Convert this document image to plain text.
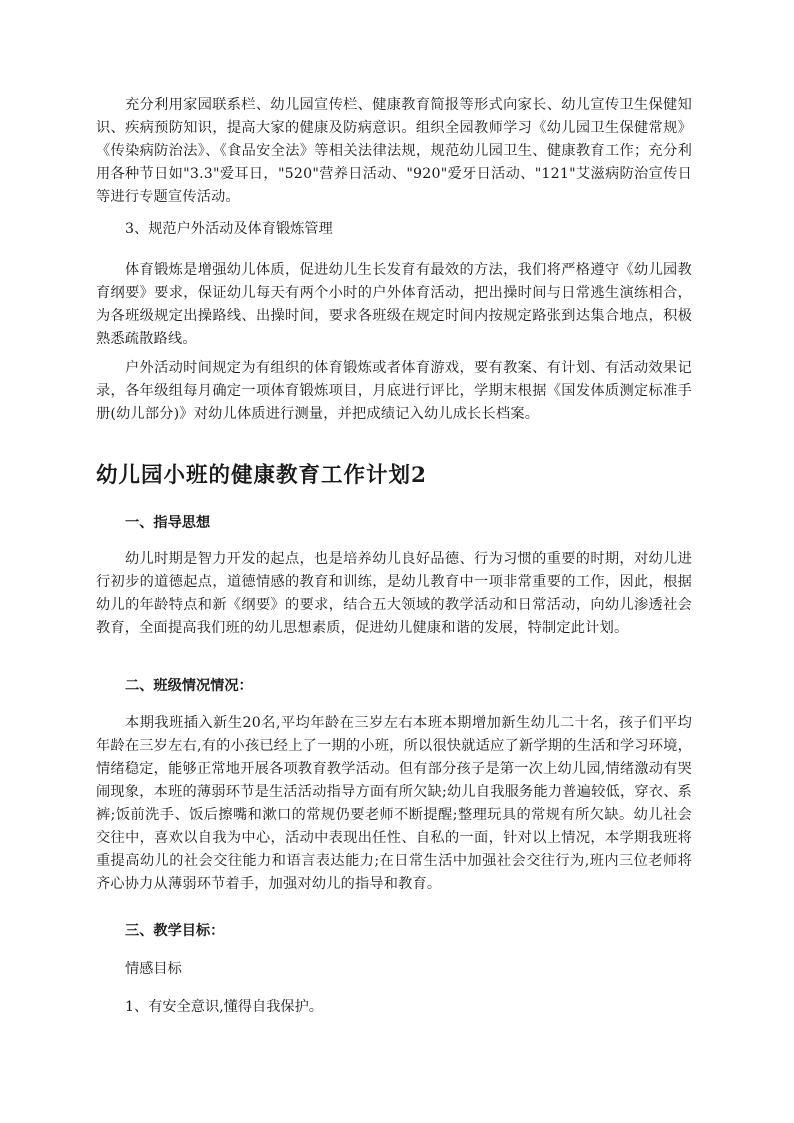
充分利用家园联系栏、幼儿园宣传栏、健康教育简报等形式向家长、幼儿宣传卫生保健知识、疾病预防知识，提高大家的健康及防病意识。组织全园教师学习《幼儿园卫生保健常规》《传染病防治法》、《食品安全法》等相关法律法规，规范幼儿园卫生、健康教育工作；充分利用各种节日如"3.3"爱耳日，"520"营养日活动、"920"爱牙日活动、"121"艾滋病防治宣传日等进行专题宣传活动。

3、规范户外活动及体育锻炼管理

体育锻炼是增强幼儿体质，促进幼儿生长发育有最效的方法，我们将严格遵守《幼儿园教育纲要》要求，保证幼儿每天有两个小时的户外体育活动，把出操时间与日常逃生演练相合，为各班级规定出操路线、出操时间，要求各班级在规定时间内按规定路张到达集合地点，积极熟悉疏散路线。

户外活动时间规定为有组织的体育锻炼或者体育游戏，要有教案、有计划、有活动效果记录，各年级组每月确定一项体育锻炼项目，月底进行评比，学期末根据《国发体质测定标准手册(幼儿部分)》对幼儿体质进行测量，并把成绩记入幼儿成长长档案。

幼儿园小班的健康教育工作计划2

一、指导思想

幼儿时期是智力开发的起点，也是培养幼儿良好品德、行为习惯的重要的时期，对幼儿进行初步的道德起点，道德情感的教育和训练，是幼儿教育中一项非常重要的工作，因此，根据幼儿的年龄特点和新《纲要》的要求，结合五大领域的教学活动和日常活动，向幼儿渗透社会教育，全面提高我们班的幼儿思想素质，促进幼儿健康和谐的发展，特制定此计划。

二、班级情况情况：

本期我班插入新生20名,平均年龄在三岁左右本班本期增加新生幼儿二十名，孩子们平均年龄在三岁左右,有的小孩已经上了一期的小班，所以很快就适应了新学期的生活和学习环境，情绪稳定，能够正常地开展各项教育教学活动。但有部分孩子是第一次上幼儿园,情绪激动有哭闹现象，本班的薄弱环节是生活活动指导方面有所欠缺;幼儿自我服务能力普遍较低，穿衣、系裤;饭前洗手、饭后擦嘴和漱口的常规仍要老师不断提醒;整理玩具的常规有所欠缺。幼儿社会交往中，喜欢以自我为中心，活动中表现出任性、自私的一面，针对以上情况，本学期我班将重提高幼儿的社会交往能力和语言表达能力;在日常生活中加强社会交往行为,班内三位老师将齐心协力从薄弱环节着手，加强对幼儿的指导和教育。

三、教学目标：

情感目标

1、有安全意识,懂得自我保护。
